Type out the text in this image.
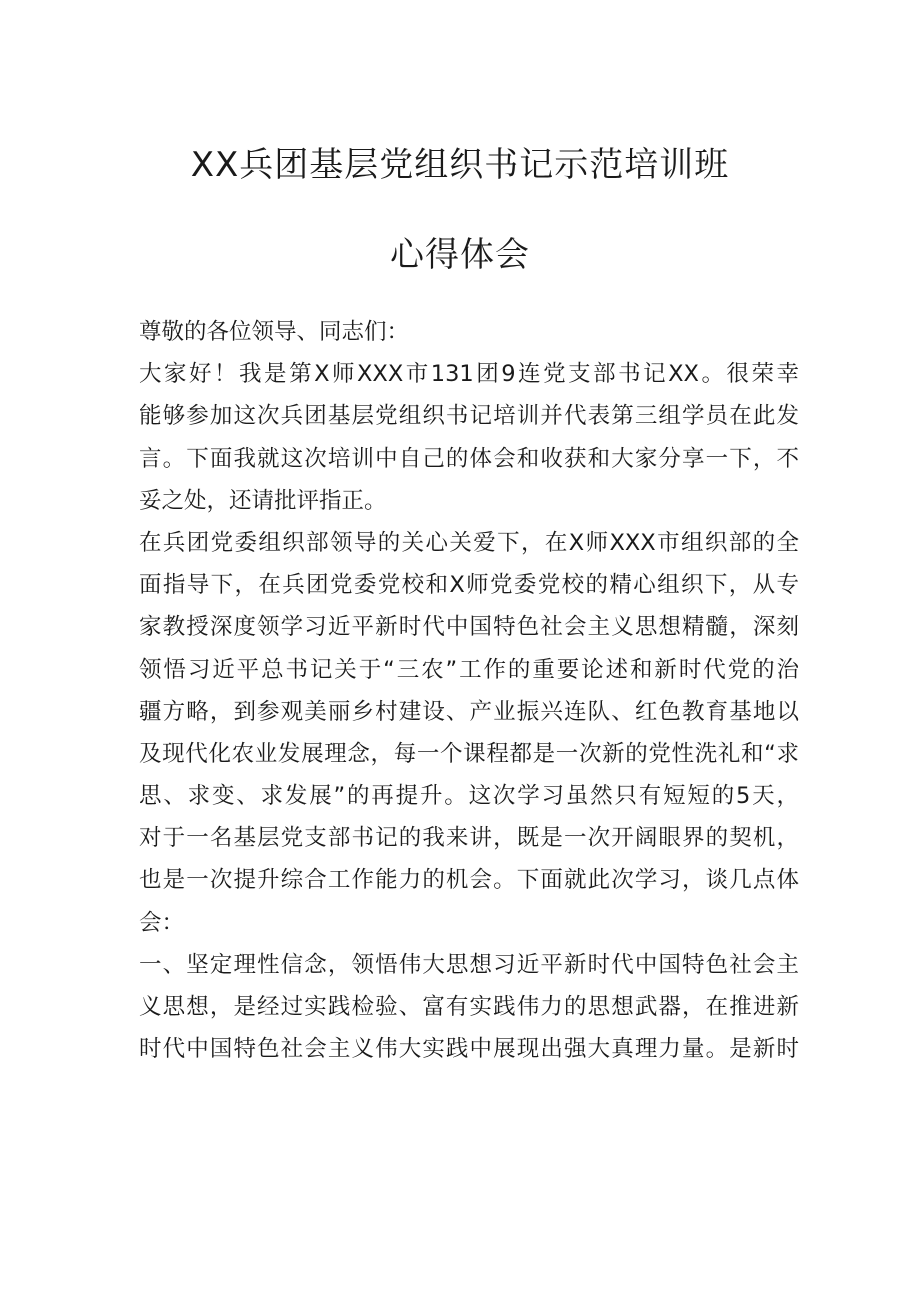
XX兵团基层党组织书记示范培训班
心得体会
尊敬的各位领导、同志们：
大家好！我是第X师XXX市131团9连党支部书记XX。很荣幸
能够参加这次兵团基层党组织书记培训并代表第三组学员在此发
言。下面我就这次培训中自己的体会和收获和大家分享一下，不
妥之处，还请批评指正。
在兵团党委组织部领导的关心关爱下，在X师XXX市组织部的全
面指导下，在兵团党委党校和X师党委党校的精心组织下，从专
家教授深度领学习近平新时代中国特色社会主义思想精髓，深刻
领悟习近平总书记关于“三农”工作的重要论述和新时代党的治
疆方略，到参观美丽乡村建设、产业振兴连队、红色教育基地以
及现代化农业发展理念，每一个课程都是一次新的党性洗礼和“求
思、求变、求发展”的再提升。这次学习虽然只有短短的5天，
对于一名基层党支部书记的我来讲，既是一次开阔眼界的契机，
也是一次提升综合工作能力的机会。下面就此次学习，谈几点体
会：
一、坚定理性信念，领悟伟大思想习近平新时代中国特色社会主
义思想，是经过实践检验、富有实践伟力的思想武器，在推进新
时代中国特色社会主义伟大实践中展现出强大真理力量。是新时
